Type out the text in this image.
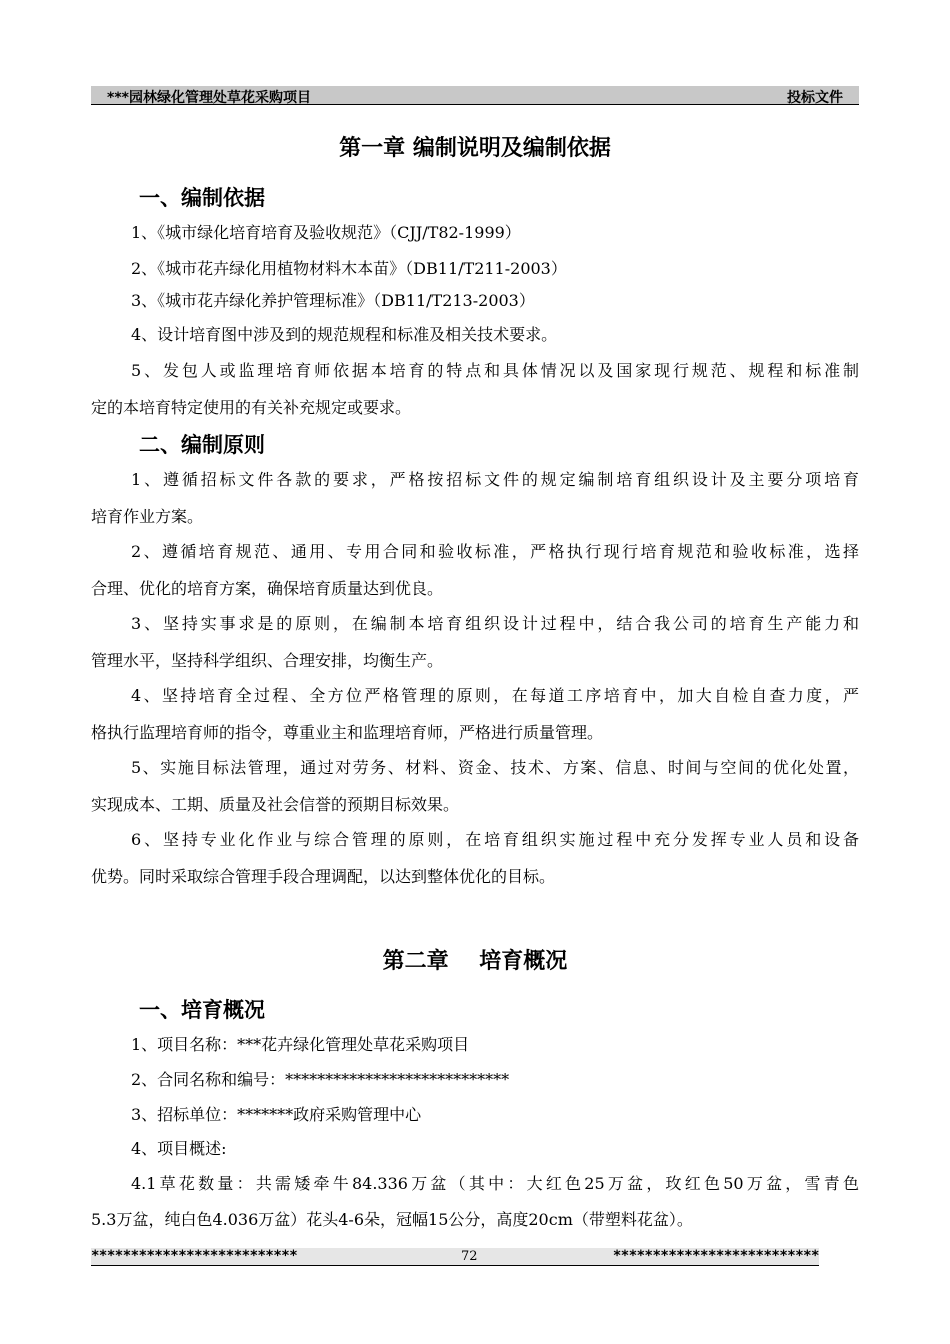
***园林绿化管理处草花采购项目	投标文件
第一章 编制说明及编制依据
一、编制依据
1、《城市绿化培育培育及验收规范》（CJJ/T82-1999）
2、《城市花卉绿化用植物材料木本苗》（DB11/T211-2003）
3、《城市花卉绿化养护管理标准》（DB11/T213-2003）
4、设计培育图中涉及到的规范规程和标准及相关技术要求。
5、发包人或监理培育师依据本培育的特点和具体情况以及国家现行规范、规程和标准制
定的本培育特定使用的有关补充规定或要求。
二、编制原则
1、遵循招标文件各款的要求，严格按招标文件的规定编制培育组织设计及主要分项培育
培育作业方案。
2、遵循培育规范、通用、专用合同和验收标准，严格执行现行培育规范和验收标准，选择
合理、优化的培育方案，确保培育质量达到优良。
3、坚持实事求是的原则，在编制本培育组织设计过程中，结合我公司的培育生产能力和
管理水平，坚持科学组织、合理安排，均衡生产。
4、坚持培育全过程、全方位严格管理的原则，在每道工序培育中，加大自检自查力度，严
格执行监理培育师的指令，尊重业主和监理培育师，严格进行质量管理。
5、实施目标法管理，通过对劳务、材料、资金、技术、方案、信息、时间与空间的优化处置，
实现成本、工期、质量及社会信誉的预期目标效果。
6、坚持专业化作业与综合管理的原则，在培育组织实施过程中充分发挥专业人员和设备
优势。同时采取综合管理手段合理调配，以达到整体优化的目标。
第二章    培育概况
一、培育概况
1、项目名称：***花卉绿化管理处草花采购项目
2、合同名称和编号：****************************
3、招标单位：*******政府采购管理中心
4、项目概述:
4.1草花数量：共需矮牵牛84.336万盆（其中：大红色25万盆，玫红色50万盆，雪青色
5.3万盆，纯白色4.036万盆）花头4-6朵，冠幅15公分，高度20cm（带塑料花盆）。
**************************	72	**************************
